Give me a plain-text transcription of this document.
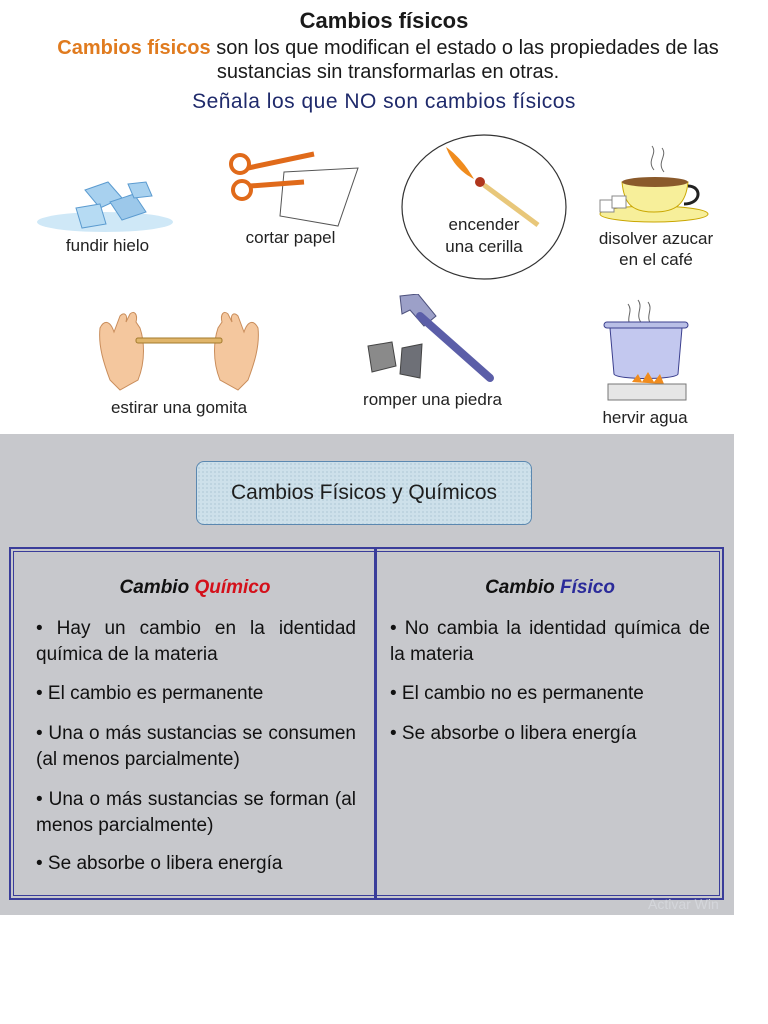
Cambios físicos
Cambios físicos son los que modifican el estado o las propiedades de las sustancias sin transformarlas en otras.
Señala los que NO son cambios físicos
fundir hielo	cortar papel
encender
una cerilla	disolver azucar
en el café
estirar una gomita	romper una piedra
hervir agua
Cambios Físicos y Químicos
Cambio Químico
• Hay un cambio en la identidad química de la materia
• El cambio es permanente
• Una o más sustancias se consumen (al menos parcialmente)
• Una o más sustancias se forman (al menos parcialmente)
• Se absorbe o libera energía
Cambio Físico
• No cambia la identidad química de la materia
• El cambio no es permanente
• Se absorbe o libera energía
Activar Win
